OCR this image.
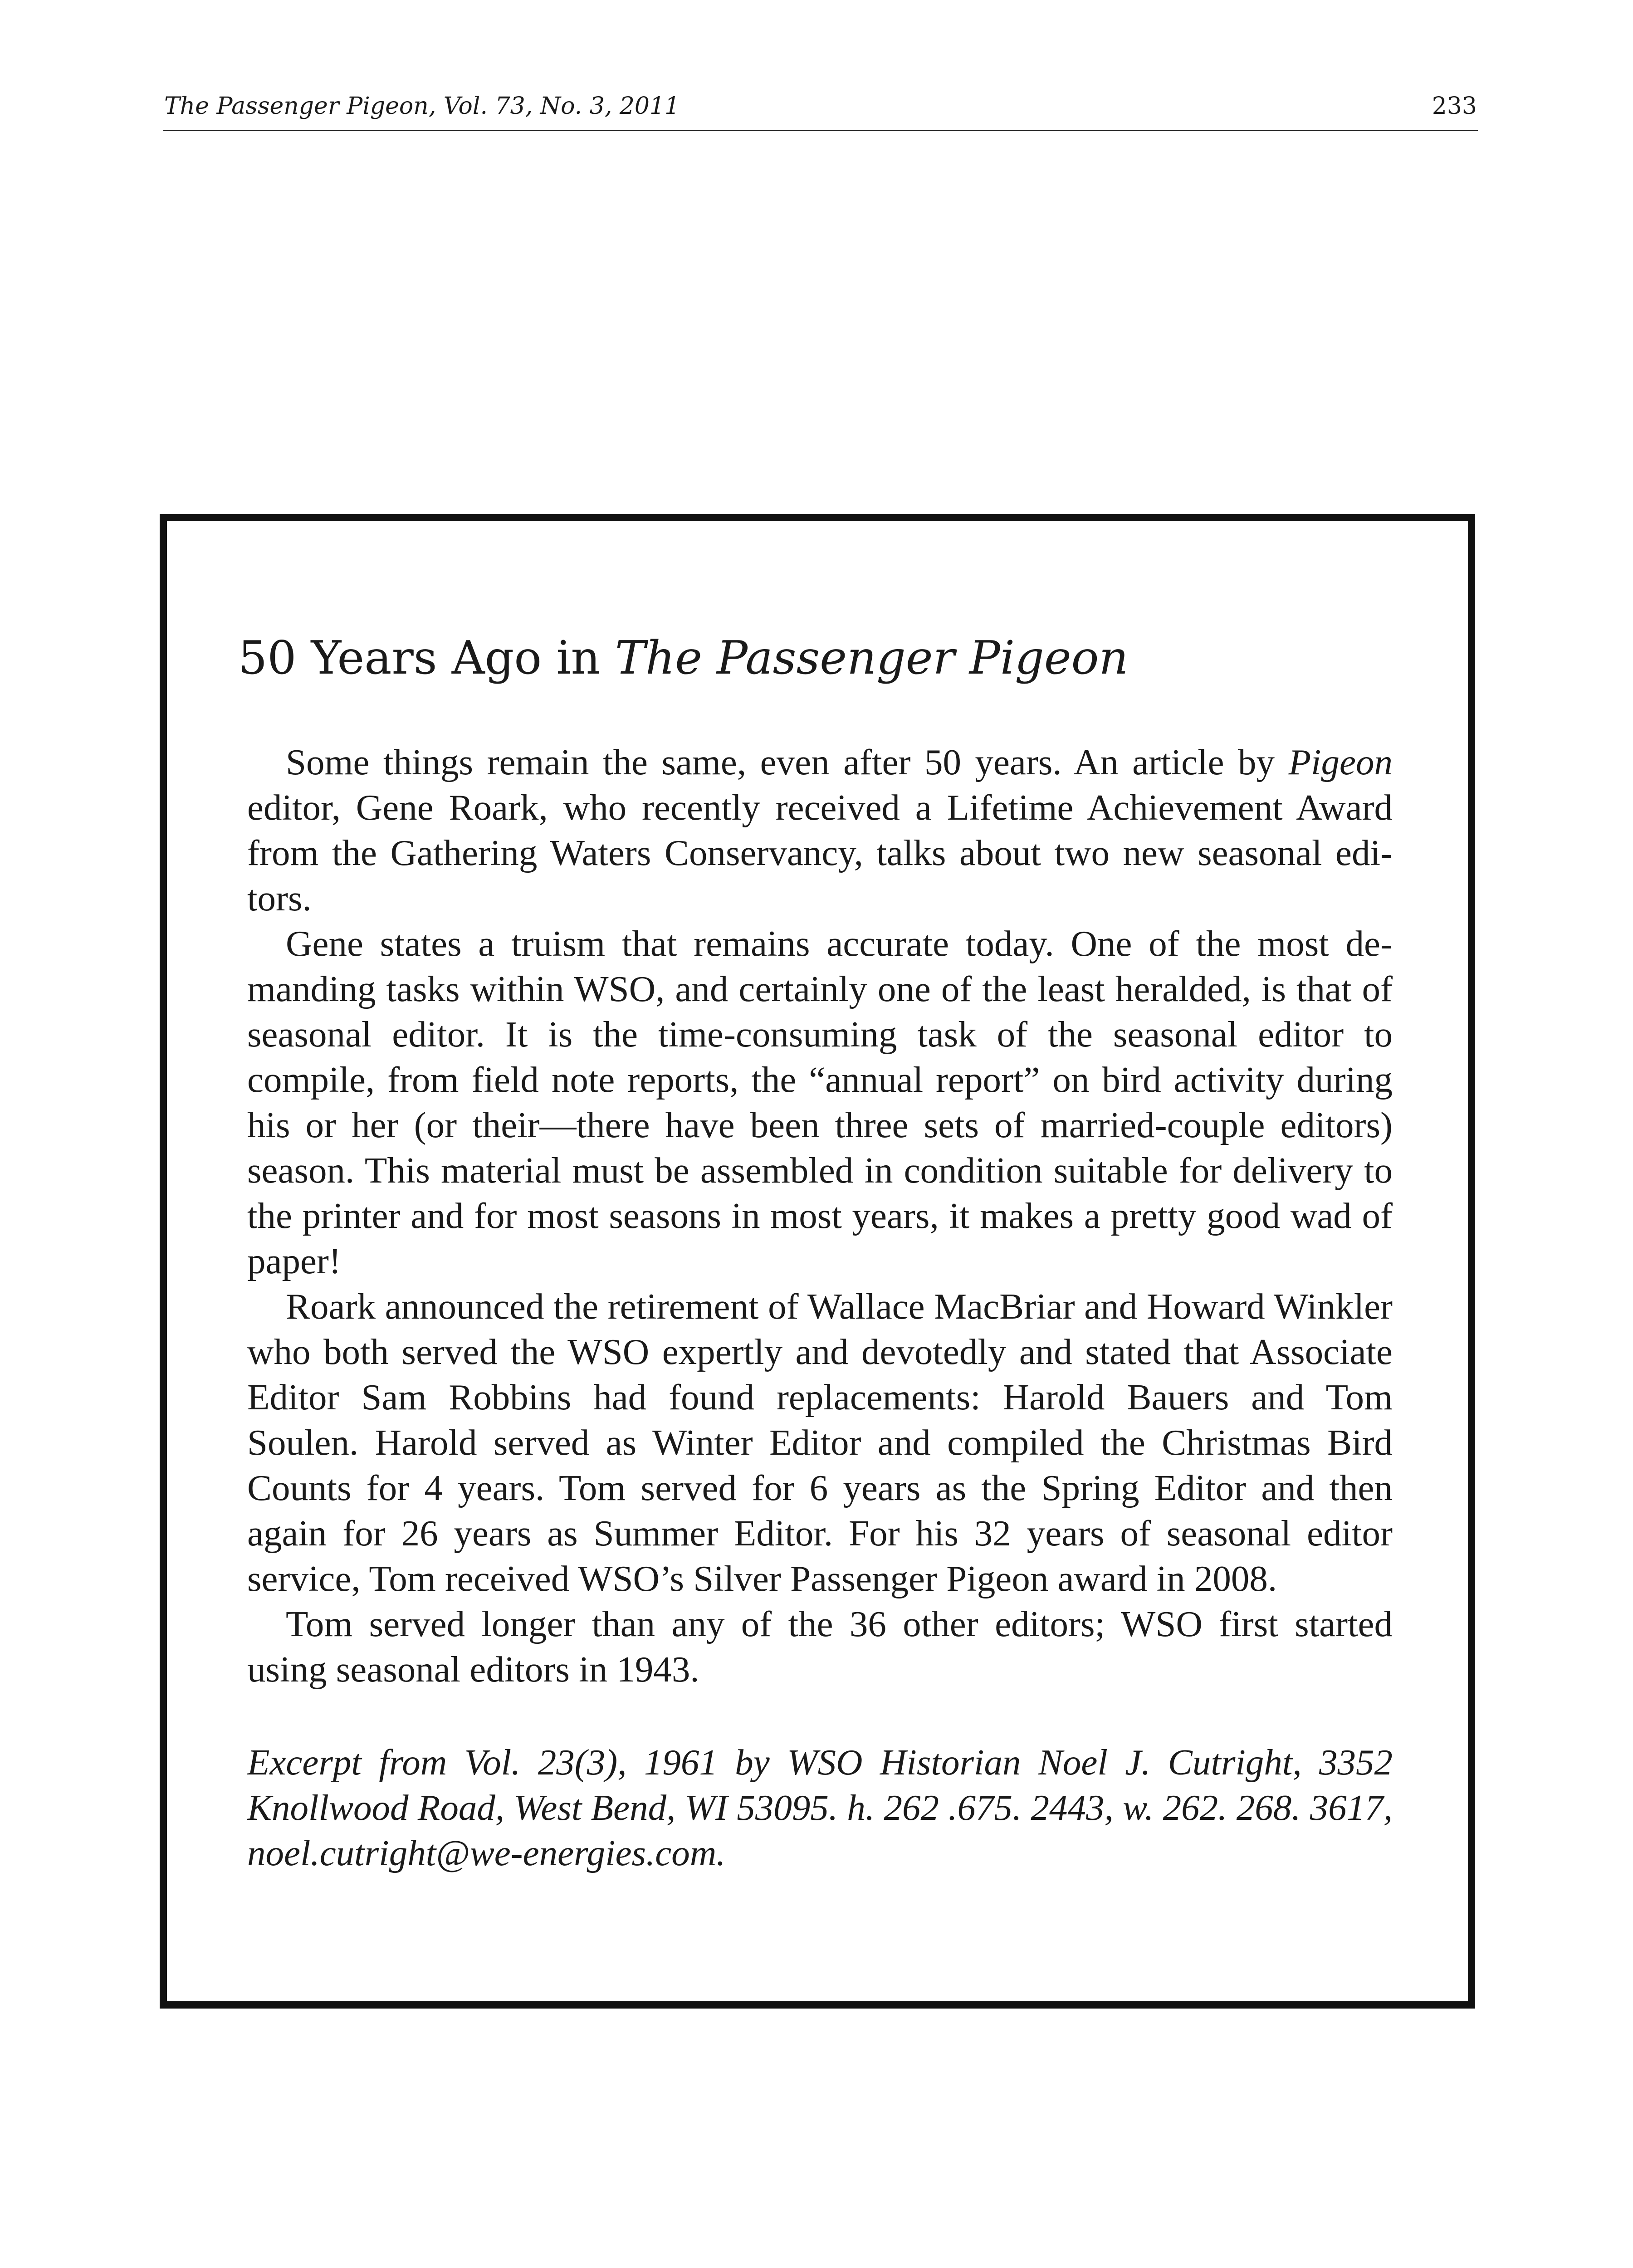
The Passenger Pigeon, Vol. 73, No. 3, 2011	233
50 Years Ago in The Passenger Pigeon

Some things remain the same, even after 50 years. An article by Pigeon editor, Gene Roark, who recently received a Lifetime Achievement Award from the Gathering Waters Conservancy, talks about two new seasonal editors.

Gene states a truism that remains accurate today. One of the most demanding tasks within WSO, and certainly one of the least heralded, is that of seasonal editor. It is the time-consuming task of the seasonal editor to compile, from field note reports, the “annual report” on bird activity during his or her (or their—there have been three sets of married-couple editors) season. This material must be assembled in condition suitable for delivery to the printer and for most seasons in most years, it makes a pretty good wad of paper!

Roark announced the retirement of Wallace MacBriar and Howard Winkler who both served the WSO expertly and devotedly and stated that Associate Editor Sam Robbins had found replacements: Harold Bauers and Tom Soulen. Harold served as Winter Editor and compiled the Christmas Bird Counts for 4 years. Tom served for 6 years as the Spring Editor and then again for 26 years as Summer Editor. For his 32 years of seasonal editor service, Tom received WSO’s Silver Passenger Pigeon award in 2008.

Tom served longer than any of the 36 other editors; WSO first started using seasonal editors in 1943.

Excerpt from Vol. 23(3), 1961 by WSO Historian Noel J. Cutright, 3352 Knollwood Road, West Bend, WI 53095. h. 262 .675. 2443, w. 262. 268. 3617, noel.cutright@we-energies.com.
